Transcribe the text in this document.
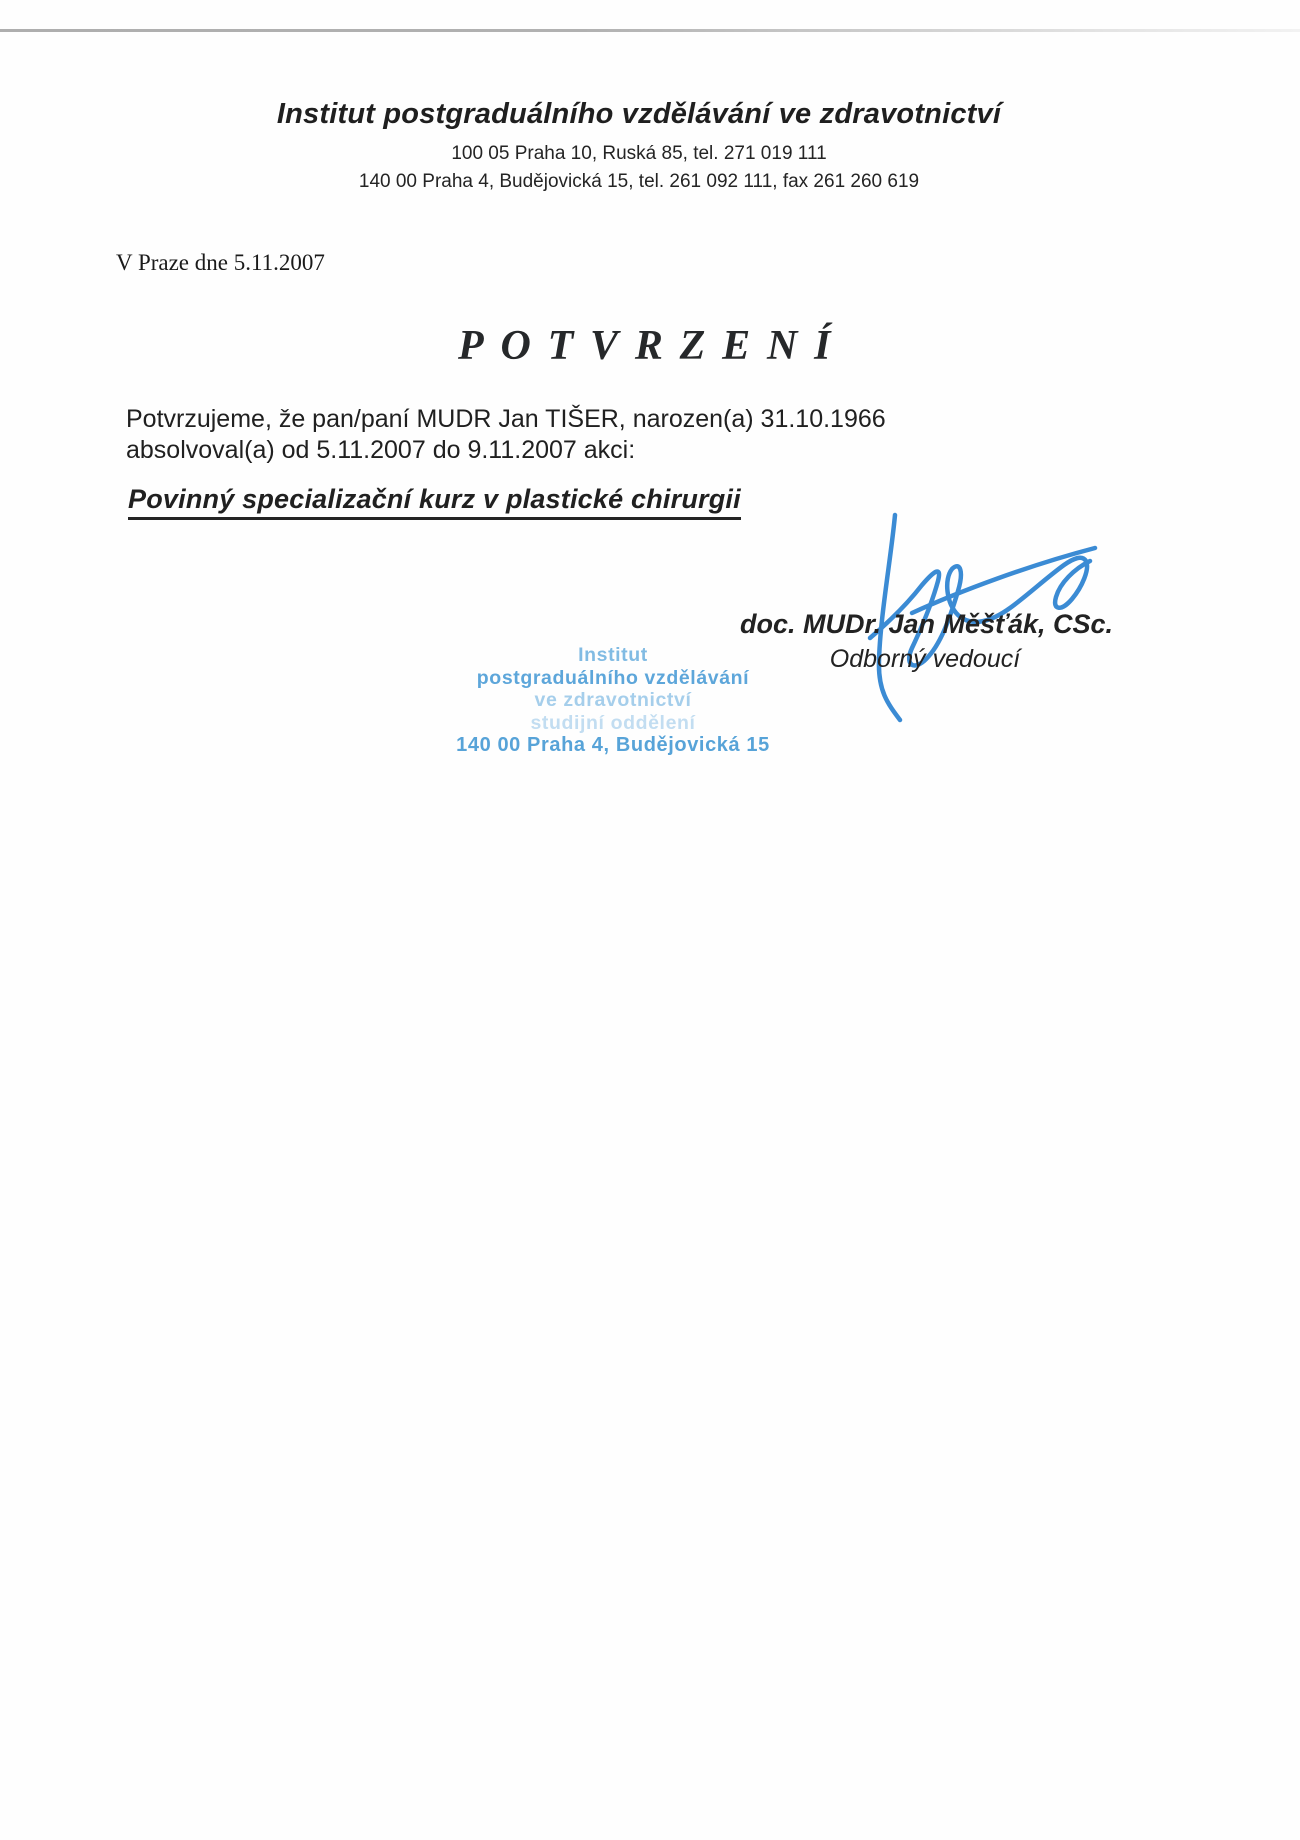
Institut postgraduálního vzdělávání ve zdravotnictví
100 05 Praha 10, Ruská 85, tel. 271 019 111
140 00 Praha 4, Budějovická 15, tel. 261 092 111, fax 261 260 619
V Praze dne 5.11.2007
POTVRZENÍ
Potvrzujeme, že pan/paní MUDR Jan TIŠER, narozen(a) 31.10.1966
absolvoval(a) od 5.11.2007 do 9.11.2007 akci:
Povinný specializační kurz v plastické chirurgii
doc. MUDr. Jan Měšťák, CSc.
Odborný vedoucí
Institut
postgraduálního vzdělávání
ve zdravotnictví
studijní oddělení
140 00 Praha 4, Budějovická 15
